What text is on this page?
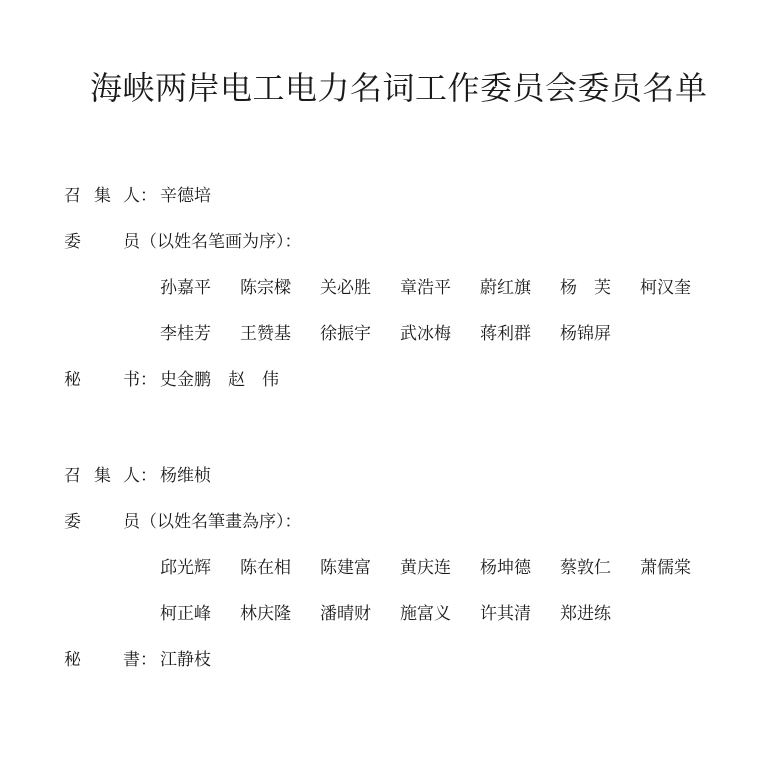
海峡两岸电工电力名词工作委员会委员名单
召 集 人： 辛德培
委 员（以姓名笔画为序）：
孙嘉平 陈宗樑 关必胜 章浩平 蔚红旗 杨　芙 柯汉奎
李桂芳 王赞基 徐振宇 武冰梅 蒋利群 杨锦屏
秘 书： 史金鹏　赵　伟
召 集 人： 杨维桢
委 员（以姓名筆畫為序）：
邱光辉 陈在相 陈建富 黄庆连 杨坤德 蔡敦仁 萧儒棠
柯正峰 林庆隆 潘晴财 施富义 许其清 郑进练
秘 書： 江静枝
